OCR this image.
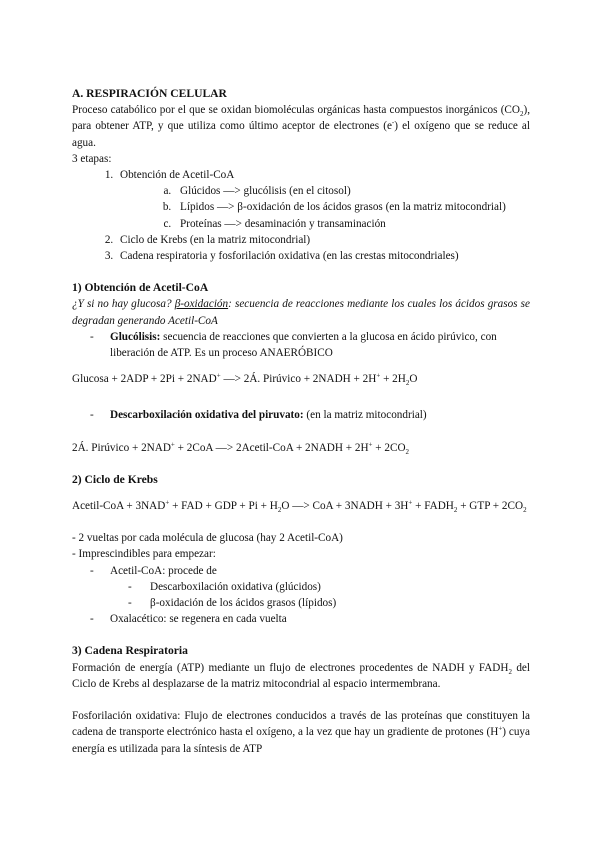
A. RESPIRACIÓN CELULAR

Proceso catabólico por el que se oxidan biomoléculas orgánicas hasta compuestos inorgánicos $(CO_2)$, para obtener ATP, y que utiliza como último aceptor de electrones (e-) el oxígeno que se reduce al agua.

3 etapas:

1. Obtención de Acetil-CoA
a. Glúcidos —> glucólisis (en el citosol)
b. Lípidos —> β-oxidación de los ácidos grasos (en la matriz mitocondrial)
c. Proteínas —> desaminación y transaminación
2. Ciclo de Krebs (en la matriz mitocondrial)
3. Cadena respiratoria y fosforilación oxidativa (en las crestas mitocondriales)
1) Obtención de Acetil-CoA

¿Y si no hay glucosa? β-oxidación: secuencia de reacciones mediante los cuales los ácidos grasos se degradan generando Acetil-CoA

- Glucólisis: secuencia de reacciones que convierten a la glucosa en ácido pirúvico, con liberación de ATP. Es un proceso ANAERÓBICO

Glucosa + 2ADP + 2Pi + 2NAD+ —> 2Á. Pirúvico + 2NADH + $2H^+ + 2H_2O$

- Descarboxilación oxidativa del piruvato: (en la matriz mitocondrial)

2Á. Pirúvico + 2NAD+ + 2CoA —> 2Acetil-CoA + 2NADH + $2H^+ + 2CO_2$

2) Ciclo de Krebs

Acetil-CoA + 3NAD+ + FAD + GDP + $Pi + H_2O$ —> CoA + 3NADH + $3H^+ + FADH_2$ + GTP + $2CO_2$

- 2 vueltas por cada molécula de glucosa (hay 2 Acetil-CoA)

- Imprescindibles para empezar:

- Acetil-CoA: procede de
- Descarboxilación oxidativa (glúcidos)
- β-oxidación de los ácidos grasos (lípidos)
- Oxalacético: se regenera en cada vuelta
3) Cadena Respiratoria

Formación de energía (ATP) mediante un flujo de electrones procedentes de NADH y $FADH_2$ del Ciclo de Krebs al desplazarse de la matriz mitocondrial al espacio intermembrana.

Fosforilación oxidativa: Flujo de electrones conducidos a través de las proteínas que constituyen la cadena de transporte electrónico hasta el oxígeno, a la vez que hay un gradiente de protones (H+) cuya energía es utilizada para la síntesis de ATP
